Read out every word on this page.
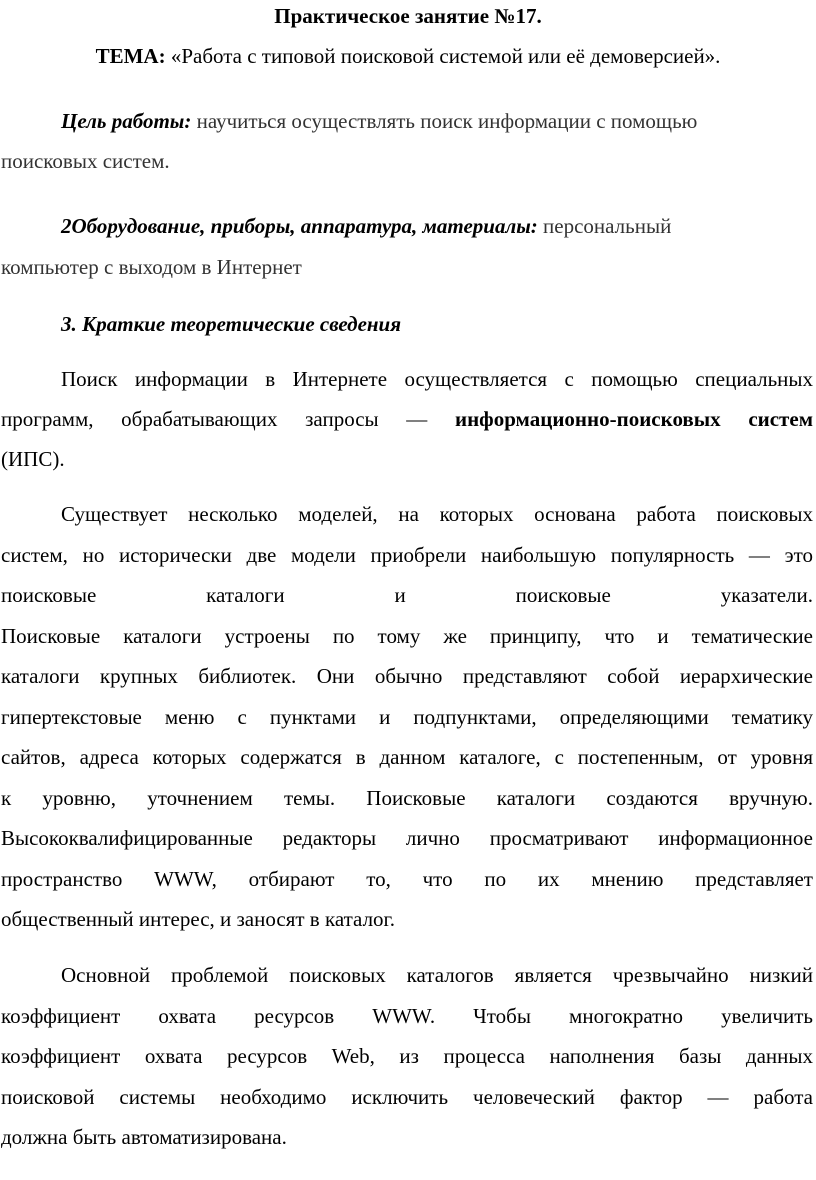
Практическое занятие №17.
ТЕМА: «Работа с типовой поисковой системой или её демоверсией».
Цель работы: научиться осуществлять поиск информации с помощью
поисковых систем.
2Оборудование, приборы, аппаратура, материалы: персональный
компьютер с выходом в Интернет
3. Краткие теоретические сведения
Поиск информации в Интернете осуществляется с помощью специальных
программ, обрабатывающих запросы — информационно-поисковых систем
(ИПС).
Существует несколько моделей, на которых основана работа поисковых
систем, но исторически две модели приобрели наибольшую популярность — это
поисковые каталоги и поисковые указатели.
Поисковые каталоги устроены по тому же принципу, что и тематические
каталоги крупных библиотек. Они обычно представляют собой иерархические
гипертекстовые меню с пунктами и подпунктами, определяющими тематику
сайтов, адреса которых содержатся в данном каталоге, с постепенным, от уровня
к уровню, уточнением темы. Поисковые каталоги создаются вручную.
Высококвалифицированные редакторы лично просматривают информационное
пространство WWW, отбирают то, что по их мнению представляет
общественный интерес, и заносят в каталог.
Основной проблемой поисковых каталогов является чрезвычайно низкий
коэффициент охвата ресурсов WWW. Чтобы многократно увеличить
коэффициент охвата ресурсов Web, из процесса наполнения базы данных
поисковой системы необходимо исключить человеческий фактор — работа
должна быть автоматизирована.
